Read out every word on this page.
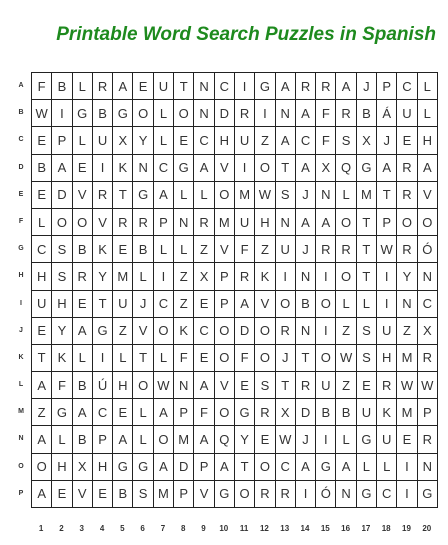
Printable Word Search Puzzles in Spanish
A
B
C
D
E
F
G
H
I
J
K
L
M
N
O
P
F	B	L	R	A	E	U	T	N	C	I	G	A	R	R	A	J	P	C	L
W	I	G	B	G	O	L	O	N	D	R	I	N	A	F	R	B	Á	U	L
E	P	L	U	X	Y	L	E	C	H	U	Z	A	C	F	S	X	J	E	H
B	A	E	I	K	N	C	G	A	V	I	O	T	A	X	Q	G	A	R	A
E	D	V	R	T	G	A	L	L	O	M	W	S	J	N	L	M	T	R	V
L	O	O	V	R	R	P	N	R	M	U	H	N	A	A	O	T	P	O	O
C	S	B	K	E	B	L	L	Z	V	F	Z	U	J	R	R	T	W	R	Ó
H	S	R	Y	M	L	I	Z	X	P	R	K	I	N	I	O	T	I	Y	N
U	H	E	T	U	J	C	Z	E	P	A	V	O	B	O	L	L	I	N	C
E	Y	A	G	Z	V	O	K	C	O	D	O	R	N	I	Z	S	U	Z	X
T	K	L	I	L	T	L	F	E	O	F	O	J	T	O	W	S	H	M	R
A	F	B	Ú	H	O	W	N	A	V	E	S	T	R	U	Z	E	R	W	W
Z	G	A	C	E	L	A	P	F	O	G	R	X	D	B	B	U	K	M	P
A	L	B	P	A	L	O	M	A	Q	Y	E	W	J	I	L	G	U	E	R
O	H	X	H	G	G	A	D	P	A	T	O	C	A	G	A	L	L	I	N
A	E	V	E	B	S	M	P	V	G	O	R	R	I	Ó	N	G	C	I	G
1	2	3	4	5	6	7	8	9	10	11	12	13	14	15	16	17	18	19	20
